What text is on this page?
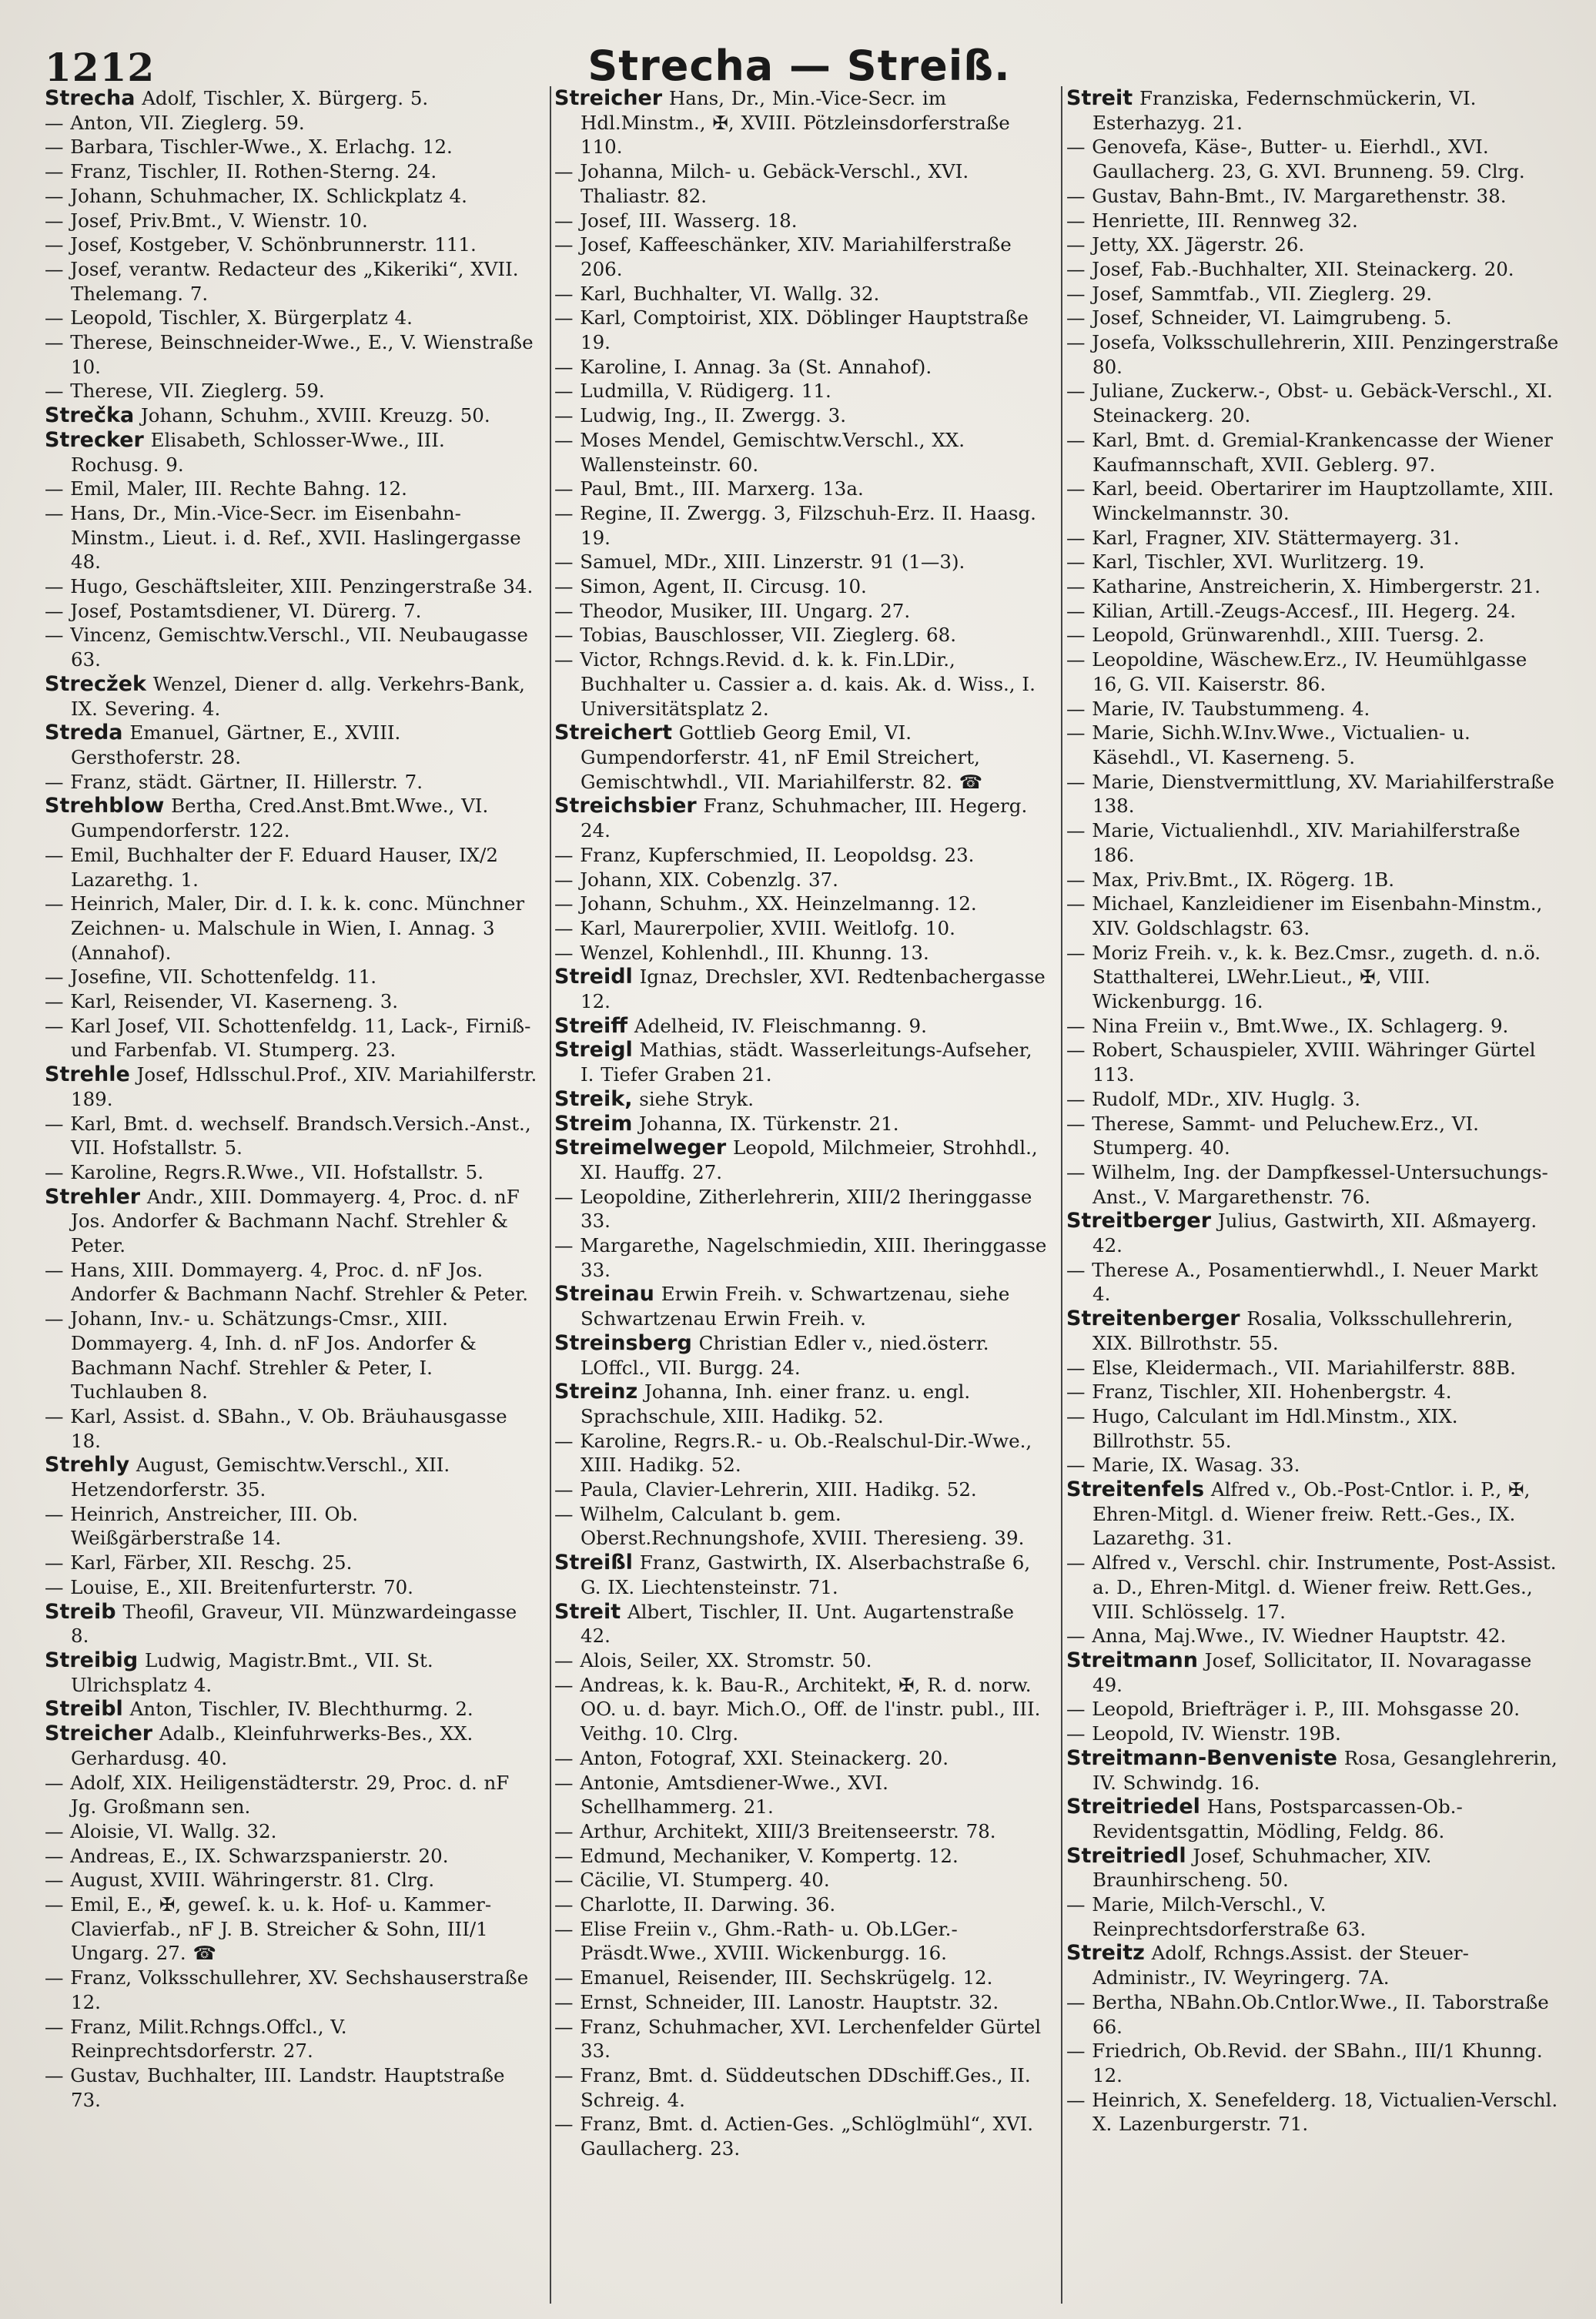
1212	Strecha — Streiß.

Strecha Adolf, Tischler, X. Bürgerg. 5.

— Anton, VII. Zieglerg. 59.

— Barbara, Tischler-Wwe., X. Erlachg. 12.

— Franz, Tischler, II. Rothen-Sterng. 24.

— Johann, Schuhmacher, IX. Schlickplatz 4.

— Josef, Priv.Bmt., V. Wienstr. 10.

— Josef, Kostgeber, V. Schönbrunnerstr. 111.

— Josef, verantw. Redacteur des „Kikeriki“, XVII. Thelemang. 7.

— Leopold, Tischler, X. Bürgerplatz 4.

— Therese, Beinschneider-Wwe., E., V. Wienstraße 10.

— Therese, VII. Zieglerg. 59.

Strečka Johann, Schuhm., XVIII. Kreuzg. 50.

Strecker Elisabeth, Schlosser-Wwe., III. Rochusg. 9.

— Emil, Maler, III. Rechte Bahng. 12.

— Hans, Dr., Min.-Vice-Secr. im Eisenbahn-Minstm., Lieut. i. d. Ref., XVII. Haslingergasse 48.

— Hugo, Geschäftsleiter, XIII. Penzingerstraße 34.

— Josef, Postamtsdiener, VI. Dürerg. 7.

— Vincenz, Gemischtw.Verschl., VII. Neubaugasse 63.

Strecžek Wenzel, Diener d. allg. Verkehrs-Bank, IX. Severing. 4.

Streda Emanuel, Gärtner, E., XVIII. Gersthoferstr. 28.

— Franz, städt. Gärtner, II. Hillerstr. 7.

Strehblow Bertha, Cred.Anst.Bmt.Wwe., VI. Gumpendorferstr. 122.

— Emil, Buchhalter der F. Eduard Hauser, IX/2 Lazarethg. 1.

— Heinrich, Maler, Dir. d. I. k. k. conc. Münchner Zeichnen- u. Malschule in Wien, I. Annag. 3 (Annahof).

— Josefine, VII. Schottenfeldg. 11.

— Karl, Reisender, VI. Kaserneng. 3.

— Karl Josef, VII. Schottenfeldg. 11, Lack-, Firniß- und Farbenfab. VI. Stumperg. 23.

Strehle Josef, Hdlsschul.Prof., XIV. Mariahilferstr. 189.

— Karl, Bmt. d. wechself. Brandsch.Versich.-Anst., VII. Hofstallstr. 5.

— Karoline, Regrs.R.Wwe., VII. Hofstallstr. 5.

Strehler Andr., XIII. Dommayerg. 4, Proc. d. nF Jos. Andorfer & Bachmann Nachf. Strehler & Peter.

— Hans, XIII. Dommayerg. 4, Proc. d. nF Jos. Andorfer & Bachmann Nachf. Strehler & Peter.

— Johann, Inv.- u. Schätzungs-Cmsr., XIII. Dommayerg. 4, Inh. d. nF Jos. Andorfer & Bachmann Nachf. Strehler & Peter, I. Tuchlauben 8.

— Karl, Assist. d. SBahn., V. Ob. Bräuhausgasse 18.

Strehly August, Gemischtw.Verschl., XII. Hetzendorferstr. 35.

— Heinrich, Anstreicher, III. Ob. Weißgärberstraße 14.

— Karl, Färber, XII. Reschg. 25.

— Louise, E., XII. Breitenfurterstr. 70.

Streib Theofil, Graveur, VII. Münzwardeingasse 8.

Streibig Ludwig, Magistr.Bmt., VII. St. Ulrichsplatz 4.

Streibl Anton, Tischler, IV. Blechthurmg. 2.

Streicher Adalb., Kleinfuhrwerks-Bes., XX. Gerhardusg. 40.

— Adolf, XIX. Heiligenstädterstr. 29, Proc. d. nF Jg. Großmann sen.

— Aloisie, VI. Wallg. 32.

— Andreas, E., IX. Schwarzspanierstr. 20.

— August, XVIII. Währingerstr. 81. Clrg.

— Emil, E., ✠, geweſ. k. u. k. Hof- u. Kammer-Clavierfab., nF J. B. Streicher & Sohn, III/1 Ungarg. 27. ☎

— Franz, Volksschullehrer, XV. Sechshauserstraße 12.

— Franz, Milit.Rchngs.Offcl., V. Reinprechtsdorferstr. 27.

— Gustav, Buchhalter, III. Landstr. Hauptstraße 73.

Streicher Hans, Dr., Min.-Vice-Secr. im Hdl.Minstm., ✠, XVIII. Pötzleinsdorferstraße 110.

— Johanna, Milch- u. Gebäck-Verschl., XVI. Thaliastr. 82.

— Josef, III. Wasserg. 18.

— Josef, Kaffeeschänker, XIV. Mariahilferstraße 206.

— Karl, Buchhalter, VI. Wallg. 32.

— Karl, Comptoirist, XIX. Döblinger Hauptstraße 19.

— Karoline, I. Annag. 3a (St. Annahof).

— Ludmilla, V. Rüdigerg. 11.

— Ludwig, Ing., II. Zwergg. 3.

— Moses Mendel, Gemischtw.Verschl., XX. Wallensteinstr. 60.

— Paul, Bmt., III. Marxerg. 13a.

— Regine, II. Zwergg. 3, Filzschuh-Erz. II. Haasg. 19.

— Samuel, MDr., XIII. Linzerstr. 91 (1—3).

— Simon, Agent, II. Circusg. 10.

— Theodor, Musiker, III. Ungarg. 27.

— Tobias, Bauschlosser, VII. Zieglerg. 68.

— Victor, Rchngs.Revid. d. k. k. Fin.LDir., Buchhalter u. Cassier a. d. kais. Ak. d. Wiss., I. Universitätsplatz 2.

Streichert Gottlieb Georg Emil, VI. Gumpendorferstr. 41, nF Emil Streichert, Gemischtwhdl., VII. Mariahilferstr. 82. ☎

Streichsbier Franz, Schuhmacher, III. Hegerg. 24.

— Franz, Kupferschmied, II. Leopoldsg. 23.

— Johann, XIX. Cobenzlg. 37.

— Johann, Schuhm., XX. Heinzelmanng. 12.

— Karl, Maurerpolier, XVIII. Weitlofg. 10.

— Wenzel, Kohlenhdl., III. Khunng. 13.

Streidl Ignaz, Drechsler, XVI. Redtenbachergasse 12.

Streiff Adelheid, IV. Fleischmanng. 9.

Streigl Mathias, städt. Wasserleitungs-Aufseher, I. Tiefer Graben 21.

Streik, siehe Stryk.

Streim Johanna, IX. Türkenstr. 21.

Streimelweger Leopold, Milchmeier, Strohhdl., XI. Hauffg. 27.

— Leopoldine, Zitherlehrerin, XIII/2 Iheringgasse 33.

— Margarethe, Nagelschmiedin, XIII. Iheringgasse 33.

Streinau Erwin Freih. v. Schwartzenau, siehe Schwartzenau Erwin Freih. v.

Streinsberg Christian Edler v., nied.österr. LOffcl., VII. Burgg. 24.

Streinz Johanna, Inh. einer franz. u. engl. Sprachschule, XIII. Hadikg. 52.

— Karoline, Regrs.R.- u. Ob.-Realschul-Dir.-Wwe., XIII. Hadikg. 52.

— Paula, Clavier-Lehrerin, XIII. Hadikg. 52.

— Wilhelm, Calculant b. gem. Oberst.Rechnungshofe, XVIII. Theresieng. 39.

Streißl Franz, Gastwirth, IX. Alserbachstraße 6, G. IX. Liechtensteinstr. 71.

Streit Albert, Tischler, II. Unt. Augartenstraße 42.

— Alois, Seiler, XX. Stromstr. 50.

— Andreas, k. k. Bau-R., Architekt, ✠, R. d. norw. OO. u. d. bayr. Mich.O., Off. de l'instr. publ., III. Veithg. 10. Clrg.

— Anton, Fotograf, XXI. Steinackerg. 20.

— Antonie, Amtsdiener-Wwe., XVI. Schellhammerg. 21.

— Arthur, Architekt, XIII/3 Breitenseerstr. 78.

— Edmund, Mechaniker, V. Kompertg. 12.

— Cäcilie, VI. Stumperg. 40.

— Charlotte, II. Darwing. 36.

— Elise Freiin v., Ghm.-Rath- u. Ob.LGer.-Präsdt.Wwe., XVIII. Wickenburgg. 16.

— Emanuel, Reisender, III. Sechskrügelg. 12.

— Ernst, Schneider, III. Lanostr. Hauptstr. 32.

— Franz, Schuhmacher, XVI. Lerchenfelder Gürtel 33.

— Franz, Bmt. d. Süddeutschen DDschiff.Ges., II. Schreig. 4.

— Franz, Bmt. d. Actien-Ges. „Schlöglmühl“, XVI. Gaullacherg. 23.

Streit Franziska, Federnschmückerin, VI. Esterhazyg. 21.

— Genovefa, Käse-, Butter- u. Eierhdl., XVI. Gaullacherg. 23, G. XVI. Brunneng. 59. Clrg.

— Gustav, Bahn-Bmt., IV. Margarethenstr. 38.

— Henriette, III. Rennweg 32.

— Jetty, XX. Jägerstr. 26.

— Josef, Fab.-Buchhalter, XII. Steinackerg. 20.

— Josef, Sammtfab., VII. Zieglerg. 29.

— Josef, Schneider, VI. Laimgrubeng. 5.

— Josefa, Volksschullehrerin, XIII. Penzingerstraße 80.

— Juliane, Zuckerw.-, Obst- u. Gebäck-Verschl., XI. Steinackerg. 20.

— Karl, Bmt. d. Gremial-Krankencasse der Wiener Kaufmannschaft, XVII. Geblerg. 97.

— Karl, beeid. Obertarirer im Hauptzollamte, XIII. Winckelmannstr. 30.

— Karl, Fragner, XIV. Stättermayerg. 31.

— Karl, Tischler, XVI. Wurlitzerg. 19.

— Katharine, Anstreicherin, X. Himbergerstr. 21.

— Kilian, Artill.-Zeugs-Accesf., III. Hegerg. 24.

— Leopold, Grünwarenhdl., XIII. Tuersg. 2.

— Leopoldine, Wäschew.Erz., IV. Heumühlgasse 16, G. VII. Kaiserstr. 86.

— Marie, IV. Taubstummeng. 4.

— Marie, Sichh.W.Inv.Wwe., Victualien- u. Käsehdl., VI. Kaserneng. 5.

— Marie, Dienstvermittlung, XV. Mariahilferstraße 138.

— Marie, Victualienhdl., XIV. Mariahilferstraße 186.

— Max, Priv.Bmt., IX. Rögerg. 1B.

— Michael, Kanzleidiener im Eisenbahn-Minstm., XIV. Goldschlagstr. 63.

— Moriz Freih. v., k. k. Bez.Cmsr., zugeth. d. n.ö. Statthalterei, LWehr.Lieut., ✠, VIII. Wickenburgg. 16.

— Nina Freiin v., Bmt.Wwe., IX. Schlagerg. 9.

— Robert, Schauspieler, XVIII. Währinger Gürtel 113.

— Rudolf, MDr., XIV. Huglg. 3.

— Therese, Sammt- und Peluchew.Erz., VI. Stumperg. 40.

— Wilhelm, Ing. der Dampfkessel-Untersuchungs-Anst., V. Margarethenstr. 76.

Streitberger Julius, Gastwirth, XII. Aßmayerg. 42.

— Therese A., Posamentierwhdl., I. Neuer Markt 4.

Streitenberger Rosalia, Volksschullehrerin, XIX. Billrothstr. 55.

— Else, Kleidermach., VII. Mariahilferstr. 88B.

— Franz, Tischler, XII. Hohenbergstr. 4.

— Hugo, Calculant im Hdl.Minstm., XIX. Billrothstr. 55.

— Marie, IX. Wasag. 33.

Streitenfels Alfred v., Ob.-Post-Cntlor. i. P., ✠, Ehren-Mitgl. d. Wiener freiw. Rett.-Ges., IX. Lazarethg. 31.

— Alfred v., Verschl. chir. Instrumente, Post-Assist. a. D., Ehren-Mitgl. d. Wiener freiw. Rett.Ges., VIII. Schlösselg. 17.

— Anna, Maj.Wwe., IV. Wiedner Hauptstr. 42.

Streitmann Josef, Sollicitator, II. Novaragasse 49.

— Leopold, Briefträger i. P., III. Mohsgasse 20.

— Leopold, IV. Wienstr. 19B.

Streitmann-Benveniste Rosa, Gesanglehrerin, IV. Schwindg. 16.

Streitriedel Hans, Postsparcassen-Ob.-Revidentsgattin, Mödling, Feldg. 86.

Streitriedl Josef, Schuhmacher, XIV. Braunhirscheng. 50.

— Marie, Milch-Verschl., V. Reinprechtsdorferstraße 63.

Streitz Adolf, Rchngs.Assist. der Steuer-Administr., IV. Weyringerg. 7A.

— Bertha, NBahn.Ob.Cntlor.Wwe., II. Taborstraße 66.

— Friedrich, Ob.Revid. der SBahn., III/1 Khunng. 12.

— Heinrich, X. Senefelderg. 18, Victualien-Verschl. X. Lazenburgerstr. 71.
